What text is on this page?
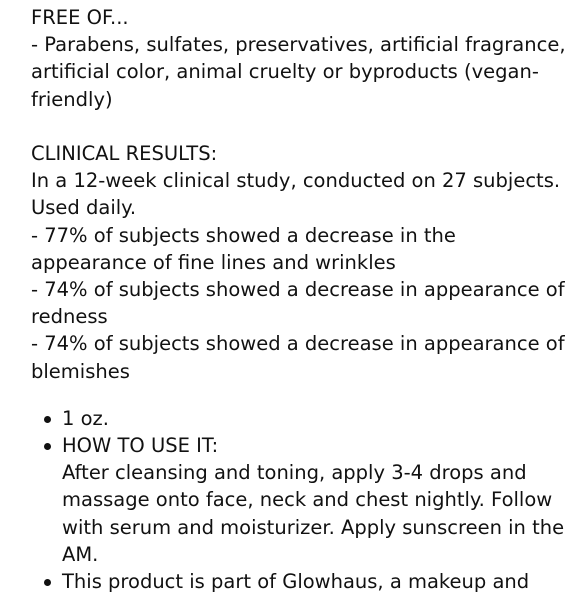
FREE OF...
- Parabens, sulfates, preservatives, artificial fragrance, artificial color, animal cruelty or byproducts (vegan-friendly)
CLINICAL RESULTS:
In a 12-week clinical study, conducted on 27 subjects.
Used daily.
- 77% of subjects showed a decrease in the appearance of fine lines and wrinkles
- 74% of subjects showed a decrease in appearance of redness
- 74% of subjects showed a decrease in appearance of blemishes
1 oz.
HOW TO USE IT:
After cleansing and toning, apply 3-4 drops and massage onto face, neck and chest nightly. Follow with serum and moisturizer. Apply sunscreen in the AM.
This product is part of Glowhaus, a makeup and
